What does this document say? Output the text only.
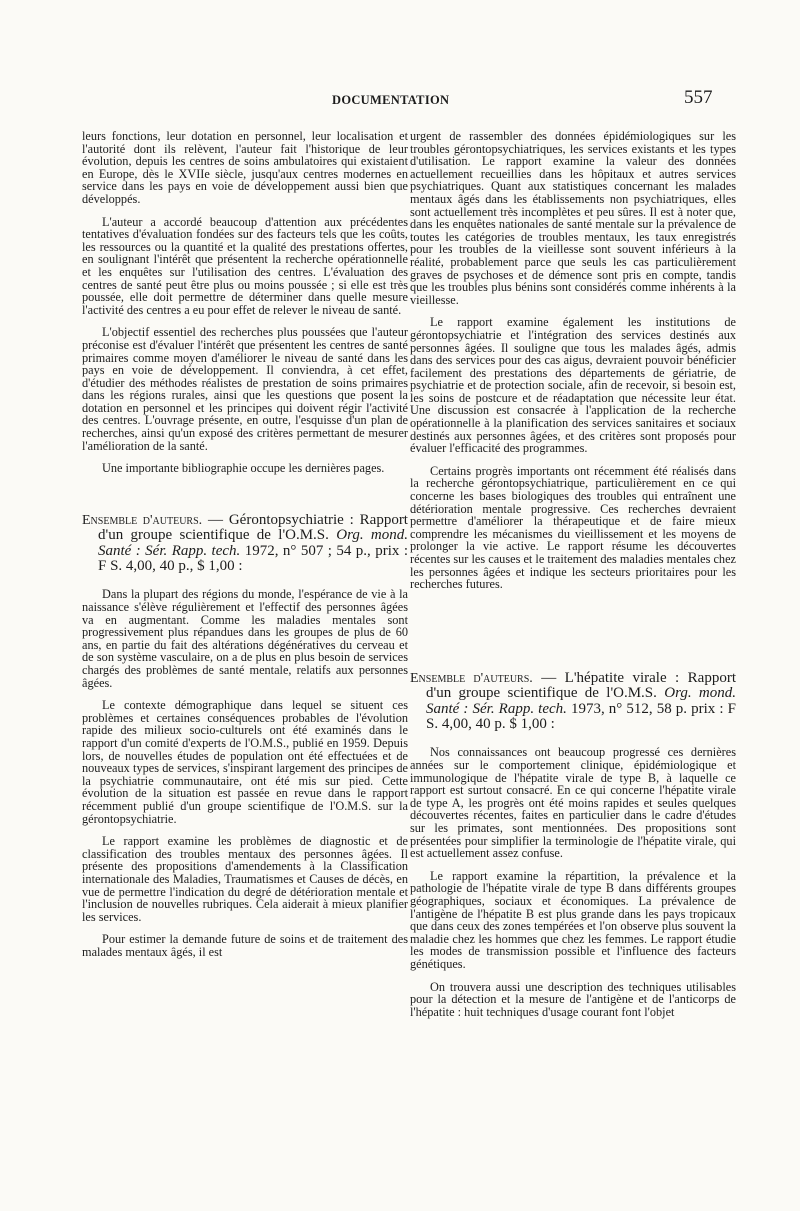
DOCUMENTATION	557

leurs fonctions, leur dotation en personnel, leur localisation et l'autorité dont ils relèvent, l'auteur fait l'historique de leur évolution, depuis les centres de soins ambulatoires qui existaient en Europe, dès le XVIIe siècle, jusqu'aux centres modernes en service dans les pays en voie de développement aussi bien que développés.

L'auteur a accordé beaucoup d'attention aux précédentes tentatives d'évaluation fondées sur des facteurs tels que les coûts, les ressources ou la quantité et la qualité des prestations offertes, en soulignant l'intérêt que présentent la recherche opérationnelle et les enquêtes sur l'utilisation des centres. L'évaluation des centres de santé peut être plus ou moins poussée ; si elle est très poussée, elle doit permettre de déterminer dans quelle mesure l'activité des centres a eu pour effet de relever le niveau de santé.

L'objectif essentiel des recherches plus poussées que l'auteur préconise est d'évaluer l'intérêt que présentent les centres de santé primaires comme moyen d'améliorer le niveau de santé dans les pays en voie de développement. Il conviendra, à cet effet, d'étudier des méthodes réalistes de prestation de soins primaires dans les régions rurales, ainsi que les questions que posent la dotation en personnel et les principes qui doivent régir l'activité des centres. L'ouvrage présente, en outre, l'esquisse d'un plan de recherches, ainsi qu'un exposé des critères permettant de mesurer l'amélioration de la santé.

Une importante bibliographie occupe les dernières pages.

Ensemble d'auteurs. — Gérontopsychiatrie : Rapport d'un groupe scientifique de l'O.M.S. Org. mond. Santé : Sér. Rapp. tech. 1972, n° 507 ; 54 p., prix : F S. 4,00, 40 p., $ 1,00 :

Dans la plupart des régions du monde, l'espérance de vie à la naissance s'élève régulièrement et l'effectif des personnes âgées va en augmentant. Comme les maladies mentales sont progressivement plus répandues dans les groupes de plus de 60 ans, en partie du fait des altérations dégénératives du cerveau et de son système vasculaire, on a de plus en plus besoin de services chargés des problèmes de santé mentale, relatifs aux personnes âgées.

Le contexte démographique dans lequel se situent ces problèmes et certaines conséquences probables de l'évolution rapide des milieux socio-culturels ont été examinés dans le rapport d'un comité d'experts de l'O.M.S., publié en 1959. Depuis lors, de nouvelles études de population ont été effectuées et de nouveaux types de services, s'inspirant largement des principes de la psychiatrie communautaire, ont été mis sur pied. Cette évolution de la situation est passée en revue dans le rapport récemment publié d'un groupe scientifique de l'O.M.S. sur la gérontopsychiatrie.

Le rapport examine les problèmes de diagnostic et de classification des troubles mentaux des personnes âgées. Il présente des propositions d'amendements à la Classification internationale des Maladies, Traumatismes et Causes de décès, en vue de permettre l'indication du degré de détérioration mentale et l'inclusion de nouvelles rubriques. Cela aiderait à mieux planifier les services.

Pour estimer la demande future de soins et de traitement des malades mentaux âgés, il est

urgent de rassembler des données épidémiologiques sur les troubles gérontopsychiatriques, les services existants et les types d'utilisation. Le rapport examine la valeur des données actuellement recueillies dans les hôpitaux et autres services psychiatriques. Quant aux statistiques concernant les malades mentaux âgés dans les établissements non psychiatriques, elles sont actuellement très incomplètes et peu sûres. Il est à noter que, dans les enquêtes nationales de santé mentale sur la prévalence de toutes les catégories de troubles mentaux, les taux enregistrés pour les troubles de la vieillesse sont souvent inférieurs à la réalité, probablement parce que seuls les cas particulièrement graves de psychoses et de démence sont pris en compte, tandis que les troubles plus bénins sont considérés comme inhérents à la vieillesse.

Le rapport examine également les institutions de gérontopsychiatrie et l'intégration des services destinés aux personnes âgées. Il souligne que tous les malades âgés, admis dans des services pour des cas aigus, devraient pouvoir bénéficier facilement des prestations des départements de gériatrie, de psychiatrie et de protection sociale, afin de recevoir, si besoin est, les soins de postcure et de réadaptation que nécessite leur état. Une discussion est consacrée à l'application de la recherche opérationnelle à la planification des services sanitaires et sociaux destinés aux personnes âgées, et des critères sont proposés pour évaluer l'efficacité des programmes.

Certains progrès importants ont récemment été réalisés dans la recherche gérontopsychiatrique, particulièrement en ce qui concerne les bases biologiques des troubles qui entraînent une détérioration mentale progressive. Ces recherches devraient permettre d'améliorer la thérapeutique et de faire mieux comprendre les mécanismes du vieillissement et les moyens de prolonger la vie active. Le rapport résume les découvertes récentes sur les causes et le traitement des maladies mentales chez les personnes âgées et indique les secteurs prioritaires pour les recherches futures.

Ensemble d'auteurs. — L'hépatite virale : Rapport d'un groupe scientifique de l'O.M.S. Org. mond. Santé : Sér. Rapp. tech. 1973, n° 512, 58 p. prix : F S. 4,00, 40 p. $ 1,00 :

Nos connaissances ont beaucoup progressé ces dernières années sur le comportement clinique, épidémiologique et immunologique de l'hépatite virale de type B, à laquelle ce rapport est surtout consacré. En ce qui concerne l'hépatite virale de type A, les progrès ont été moins rapides et seules quelques découvertes récentes, faites en particulier dans le cadre d'études sur les primates, sont mentionnées. Des propositions sont présentées pour simplifier la terminologie de l'hépatite virale, qui est actuellement assez confuse.

Le rapport examine la répartition, la prévalence et la pathologie de l'hépatite virale de type B dans différents groupes géographiques, sociaux et économiques. La prévalence de l'antigène de l'hépatite B est plus grande dans les pays tropicaux que dans ceux des zones tempérées et l'on observe plus souvent la maladie chez les hommes que chez les femmes. Le rapport étudie les modes de transmission possible et l'influence des facteurs génétiques.

On trouvera aussi une description des techniques utilisables pour la détection et la mesure de l'antigène et de l'anticorps de l'hépatite : huit techniques d'usage courant font l'objet
